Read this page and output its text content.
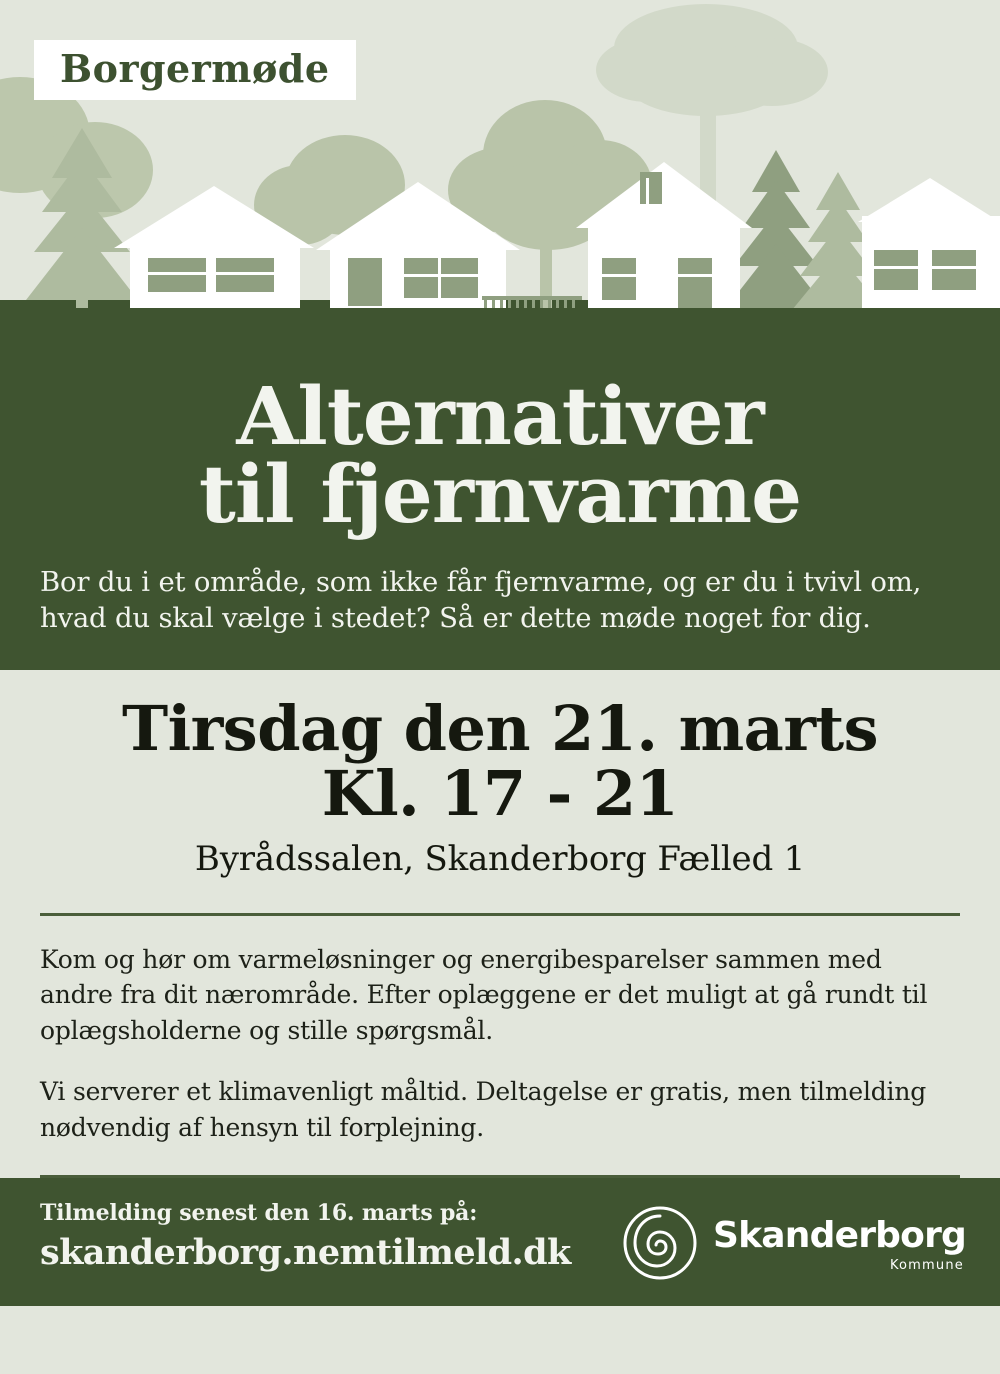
Borgermøde
Alternativer
til fjernvarme
Bor du i et område, som ikke får fjernvarme, og er du i tvivl om, hvad du skal vælge i stedet? Så er dette møde noget for dig.
Tirsdag den 21. marts
Kl. 17 - 21
Byrådssalen, Skanderborg Fælled 1

Kom og hør om varmeløsninger og energibesparelser sammen med andre fra dit nærområde. Efter oplæggene er det muligt at gå rundt til oplægsholderne og stille spørgsmål.

Vi serverer et klimavenligt måltid. Deltagelse er gratis, men tilmelding nødvendig af hensyn til forplejning.

Tilmelding senest den 16. marts på:
skanderborg.nemtilmeld.dk	Skanderborg
Kommune
